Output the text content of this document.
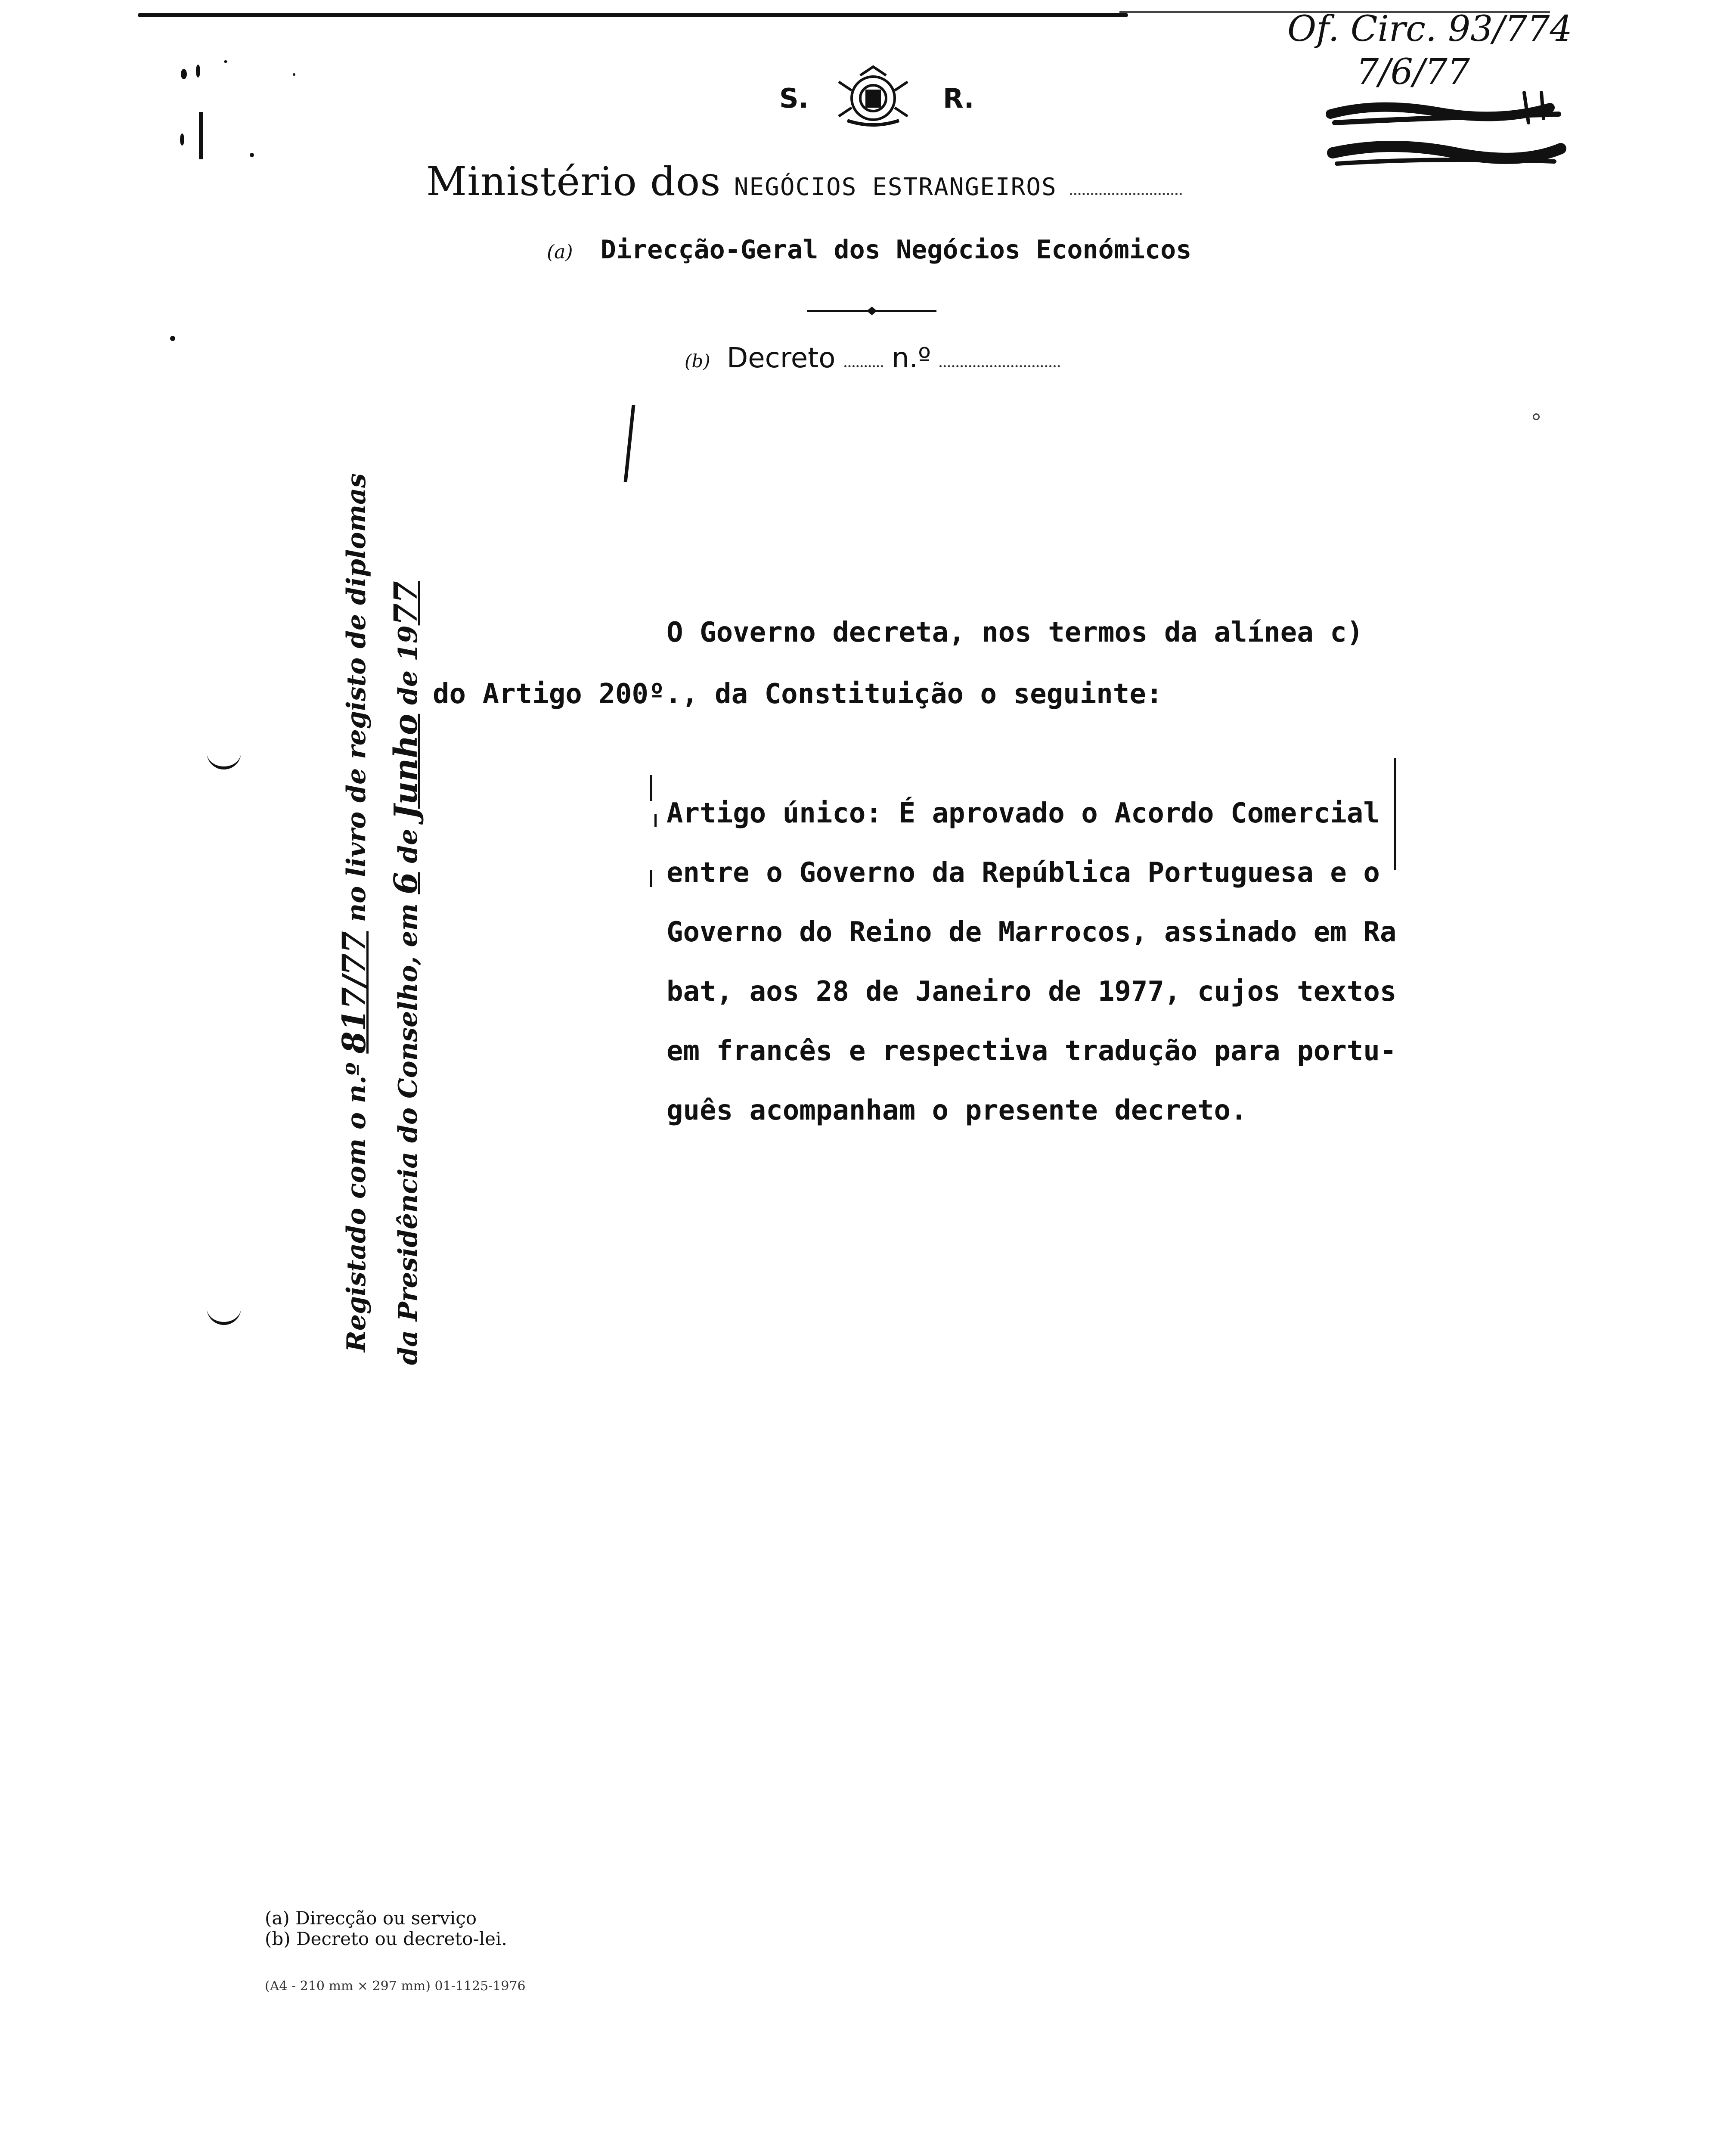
S.	R.
Ministério dos NEGÓCIOS ESTRANGEIROS
(a) Direcção-Geral dos Negócios Económicos
(b) Decreto n.º
Of. Circ. 93/774
7/6/77
O Governo decreta, nos termos da alínea c)
do Artigo 200º., da Constituição o seguinte:
Artigo único: É aprovado o Acordo Comercial
entre o Governo da República Portuguesa e o
Governo do Reino de Marrocos, assinado em Ra
bat, aos 28 de Janeiro de 1977, cujos textos
em francês e respectiva tradução para portu-
guês acompanham o presente decreto.
Registado com o n.º 817/77 no livro de registo de diplomas
da Presidência do Conselho, em 6 de Junho de 1977
(a) Direcção ou serviço
(b) Decreto ou decreto-lei.
(A4 - 210 mm × 297 mm) 01-1125-1976
